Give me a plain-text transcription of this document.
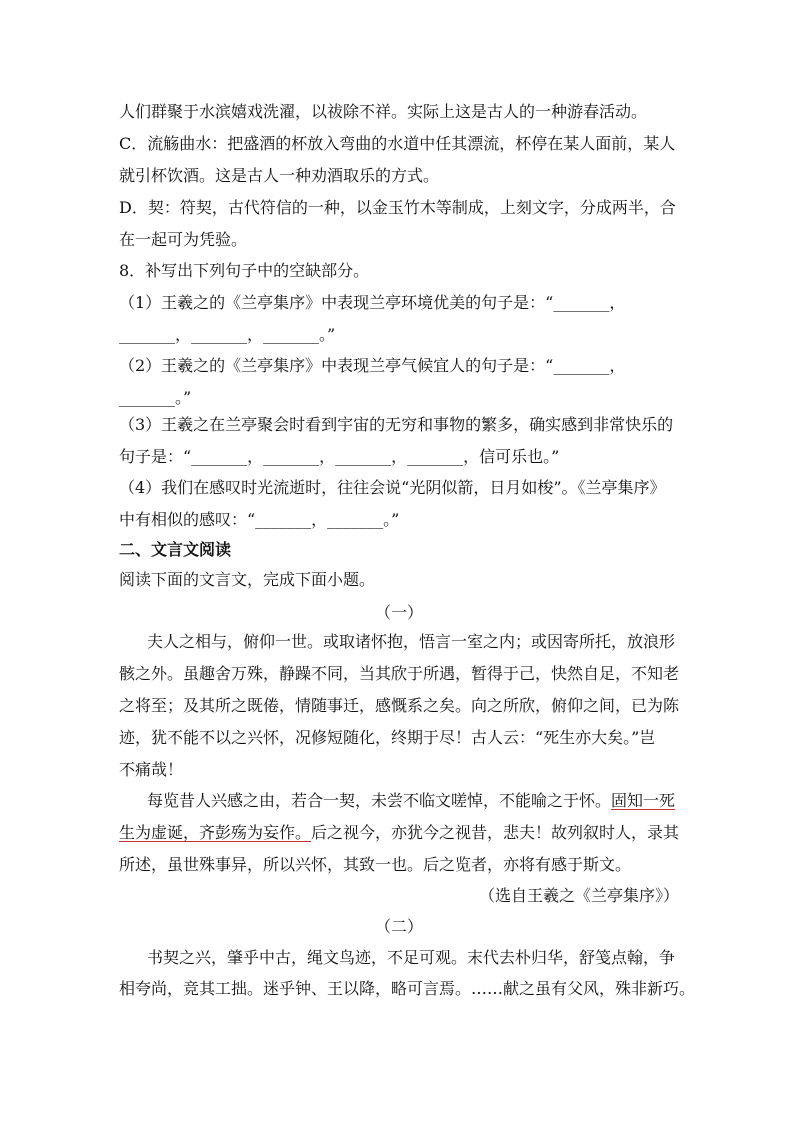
人们群聚于水滨嬉戏洗濯，以祓除不祥。实际上这是古人的一种游春活动。
C．流觞曲水：把盛酒的杯放入弯曲的水道中任其漂流，杯停在某人面前，某人
就引杯饮酒。这是古人一种劝酒取乐的方式。
D．契：符契，古代符信的一种，以金玉竹木等制成，上刻文字，分成两半，合
在一起可为凭验。
8．补写出下列句子中的空缺部分。
（1）王羲之的《兰亭集序》中表现兰亭环境优美的句子是：“_______，
_______，_______，_______。”
（2）王羲之的《兰亭集序》中表现兰亭气候宜人的句子是：“_______，
_______。”
（3）王羲之在兰亭聚会时看到宇宙的无穷和事物的繁多，确实感到非常快乐的
句子是：“_______，_______，_______，_______，信可乐也。”
（4）我们在感叹时光流逝时，往往会说“光阴似箭，日月如梭”。《兰亭集序》
中有相似的感叹：“_______，_______。”
二、文言文阅读
阅读下面的文言文，完成下面小题。
（一）
夫人之相与，俯仰一世。或取诸怀抱，悟言一室之内；或因寄所托，放浪形
骸之外。虽趣舍万殊，静躁不同，当其欣于所遇，暂得于己，快然自足，不知老
之将至；及其所之既倦，情随事迁，感慨系之矣。向之所欣，俯仰之间，已为陈
迹，犹不能不以之兴怀，况修短随化，终期于尽！古人云：“死生亦大矣。”岂
不痛哉！
每览昔人兴感之由，若合一契，未尝不临文嗟悼，不能喻之于怀。固知一死
生为虚诞，齐彭殇为妄作。后之视今，亦犹今之视昔，悲夫！故列叙时人，录其
所述，虽世殊事异，所以兴怀，其致一也。后之览者，亦将有感于斯文。
（选自王羲之《兰亭集序》）
（二）
书契之兴，肇乎中古，绳文鸟迹，不足可观。末代去朴归华，舒笺点翰，争
相夸尚，竞其工拙。迷乎钟、王以降，略可言焉。……献之虽有父风，殊非新巧。
